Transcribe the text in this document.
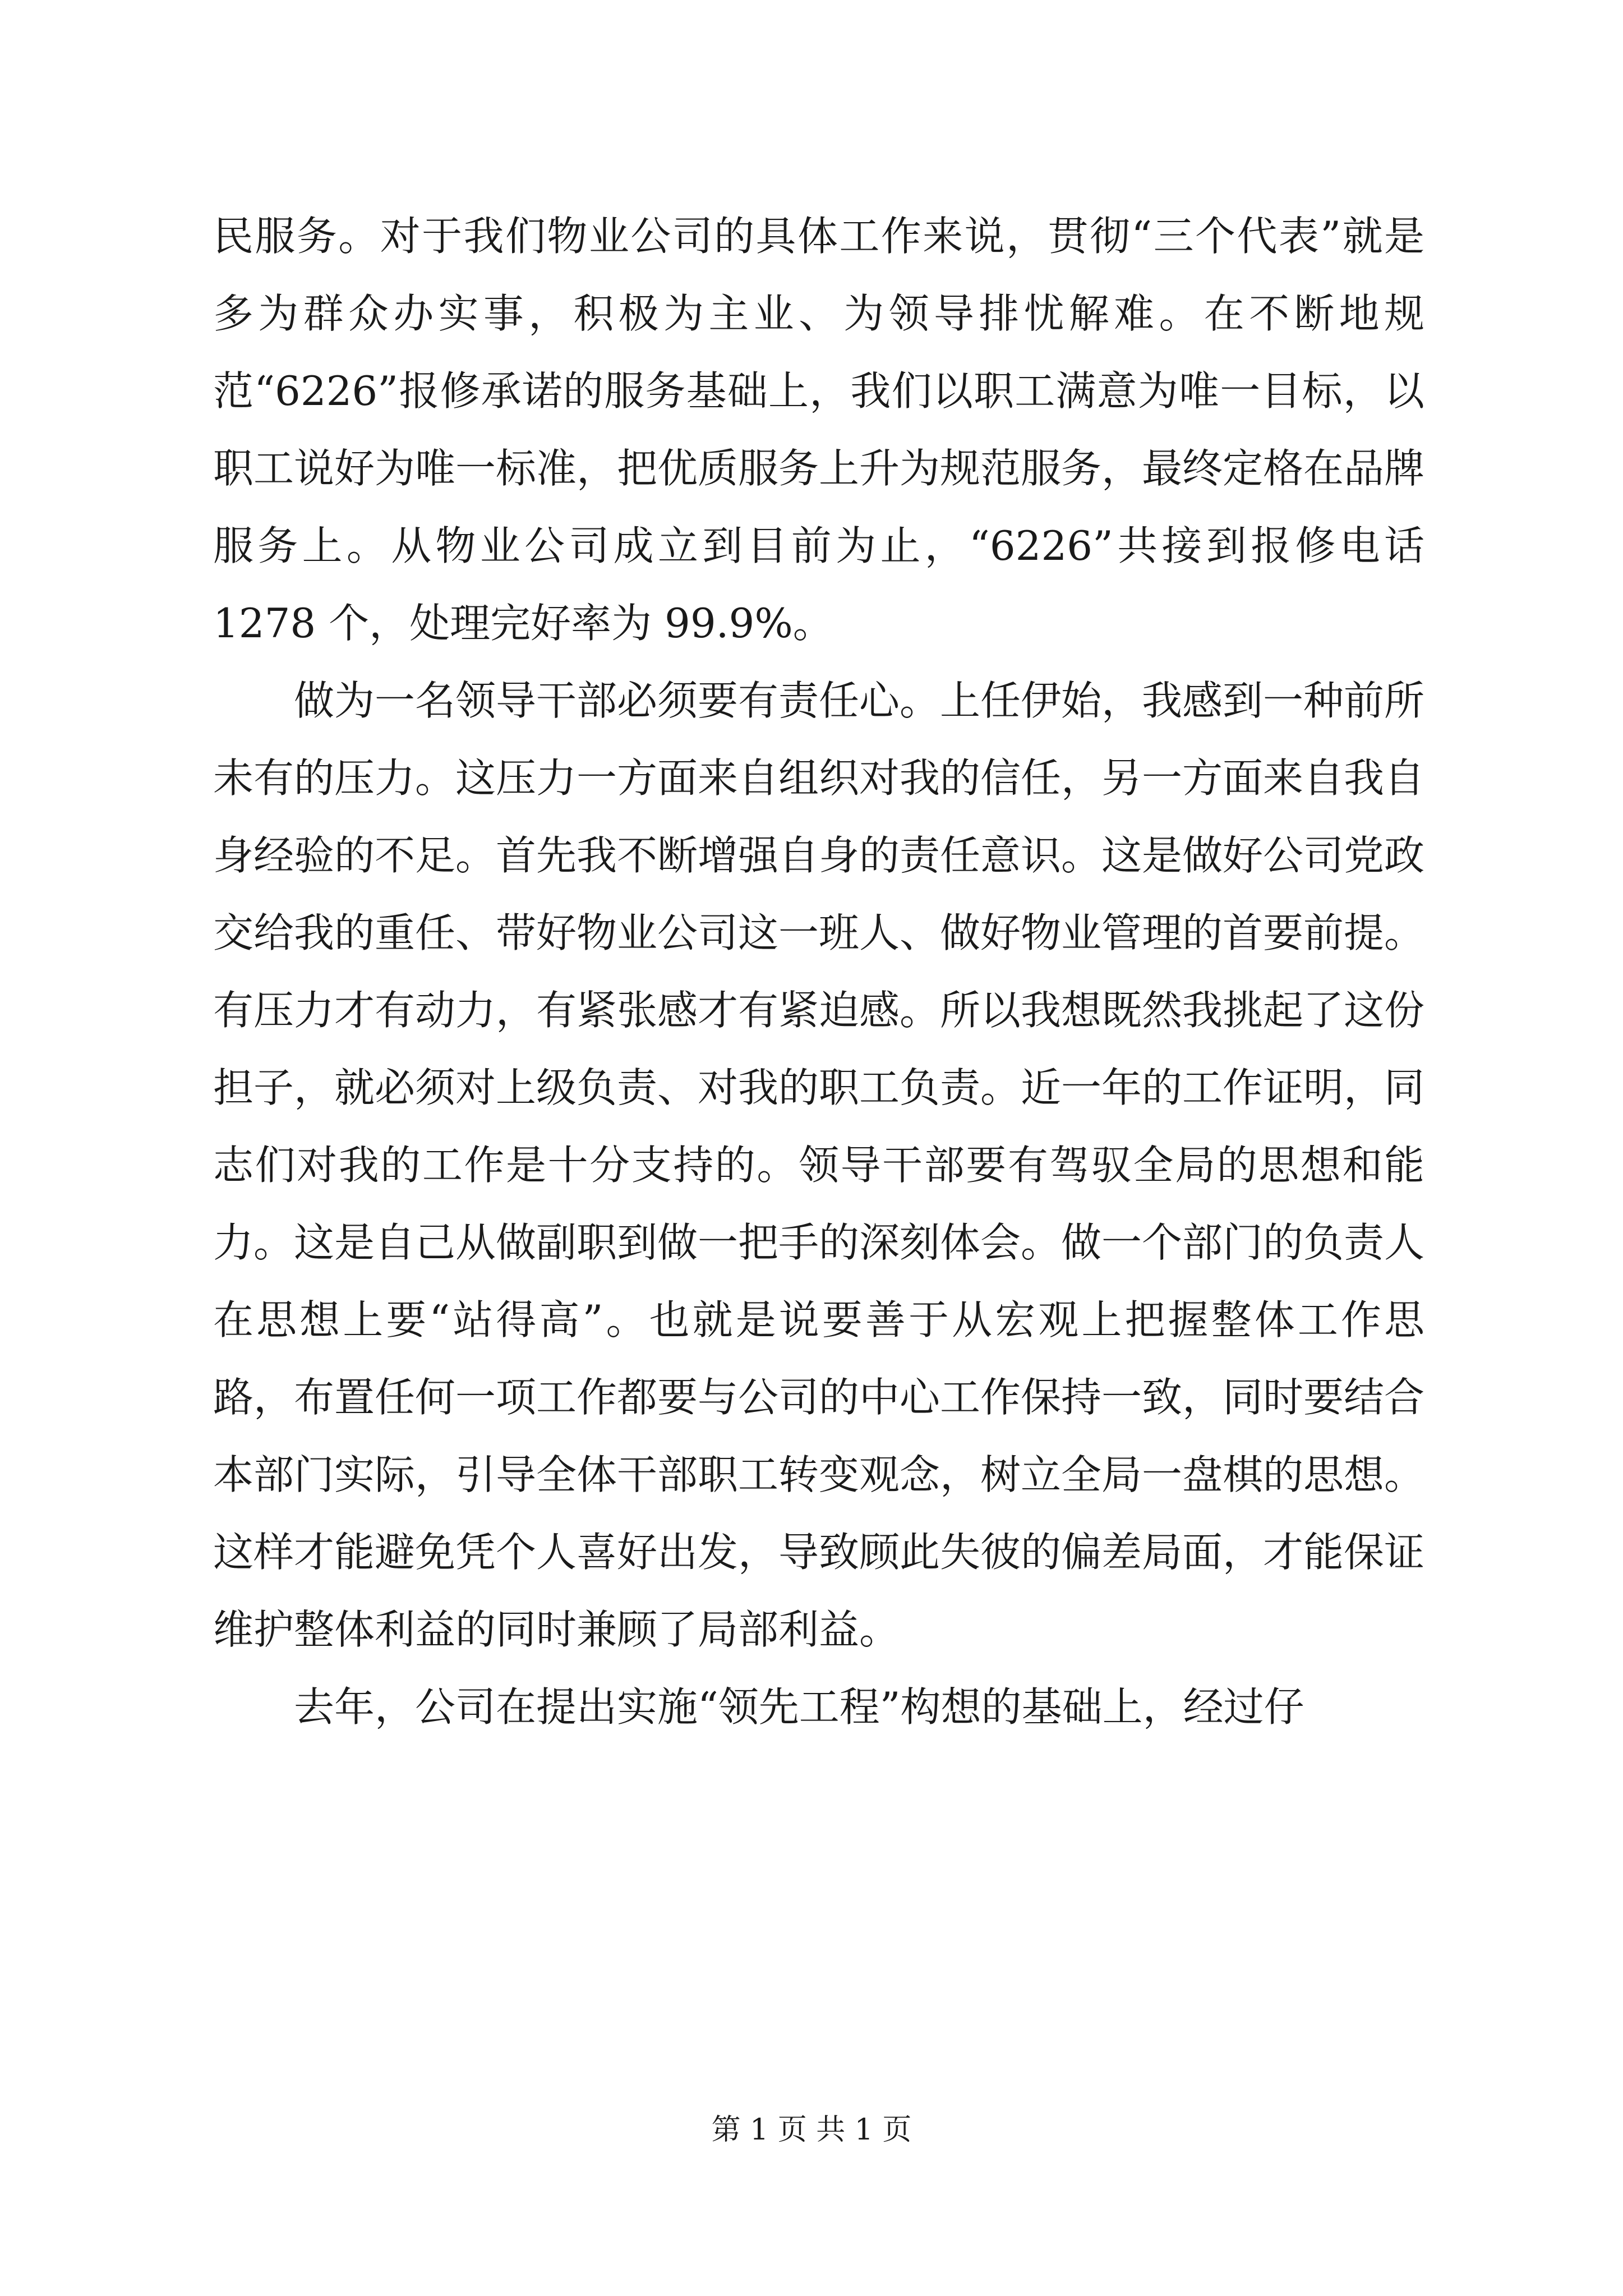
民服务。对于我们物业公司的具体工作来说，贯彻“三个代表”就是多为群众办实事，积极为主业、为领导排忧解难。在不断地规范“6226”报修承诺的服务基础上，我们以职工满意为唯一目标，以职工说好为唯一标准，把优质服务上升为规范服务，最终定格在品牌服务上。从物业公司成立到目前为止，“6226”共接到报修电话 1278 个，处理完好率为 99.9%。

做为一名领导干部必须要有责任心。上任伊始，我感到一种前所未有的压力。这压力一方面来自组织对我的信任，另一方面来自我自身经验的不足。首先我不断增强自身的责任意识。这是做好公司党政交给我的重任、带好物业公司这一班人、做好物业管理的首要前提。有压力才有动力，有紧张感才有紧迫感。所以我想既然我挑起了这份担子，就必须对上级负责、对我的职工负责。近一年的工作证明，同志们对我的工作是十分支持的。领导干部要有驾驭全局的思想和能力。这是自己从做副职到做一把手的深刻体会。做一个部门的负责人在思想上要“站得高”。也就是说要善于从宏观上把握整体工作思路，布置任何一项工作都要与公司的中心工作保持一致，同时要结合本部门实际，引导全体干部职工转变观念，树立全局一盘棋的思想。这样才能避免凭个人喜好出发，导致顾此失彼的偏差局面，才能保证维护整体利益的同时兼顾了局部利益。

去年，公司在提出实施“领先工程”构想的基础上，经过仔

第 1 页 共 1 页
